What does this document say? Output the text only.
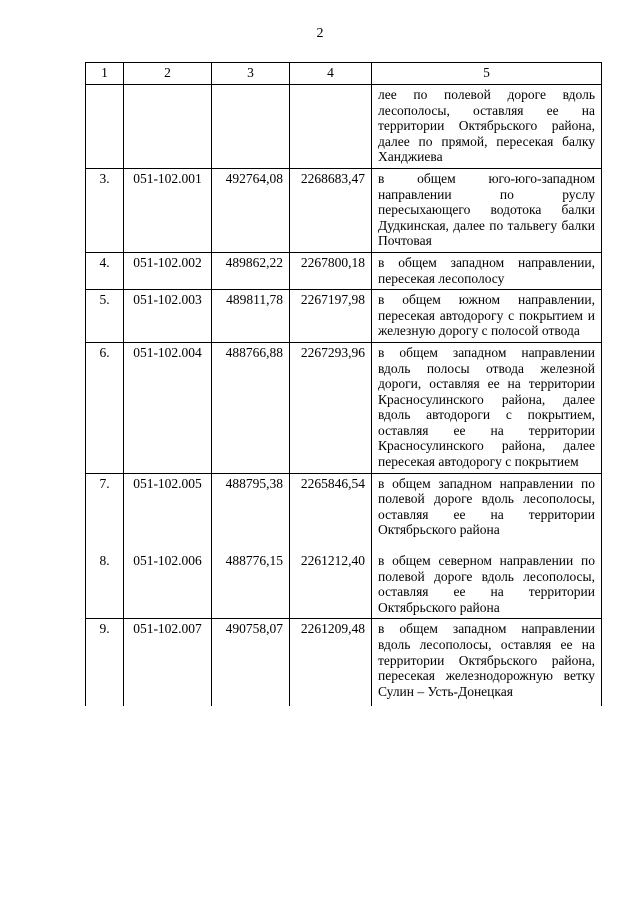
2
1	2	3	4	5

				лее по полевой дороге вдоль лесополосы, оставляя ее на территории Октябрьского района, далее по прямой, пересекая балку Ханджиева

3.	051-102.001	492764,08	2268683,47	в общем юго-юго-западном направлении по руслу пересыхающего водотока балки Дудкинская, далее по тальвегу балки Почтовая

4.	051-102.002	489862,22	2267800,18	в общем западном направлении, пересекая лесополосу

5.	051-102.003	489811,78	2267197,98	в общем южном направлении, пересекая автодорогу с покрытием и железную дорогу с полосой отвода

6.	051-102.004	488766,88	2267293,96	в общем западном направлении вдоль полосы отвода железной дороги, оставляя ее на территории Красносулинского района, далее вдоль автодороги с покрытием, оставляя ее на территории Красносулинского района, далее пересекая автодорогу с покрытием

7.	051-102.005	488795,38	2265846,54	в общем западном направлении по полевой дороге вдоль лесополосы, оставляя ее на территории Октябрьского района

8.	051-102.006	488776,15	2261212,40	в общем северном направлении по полевой дороге вдоль лесополосы, оставляя ее на территории Октябрьского района

9.	051-102.007	490758,07	2261209,48	в общем западном направлении вдоль лесополосы, оставляя ее на территории Октябрьского района, пересекая железнодорожную ветку Сулин – Усть-Донецкая
